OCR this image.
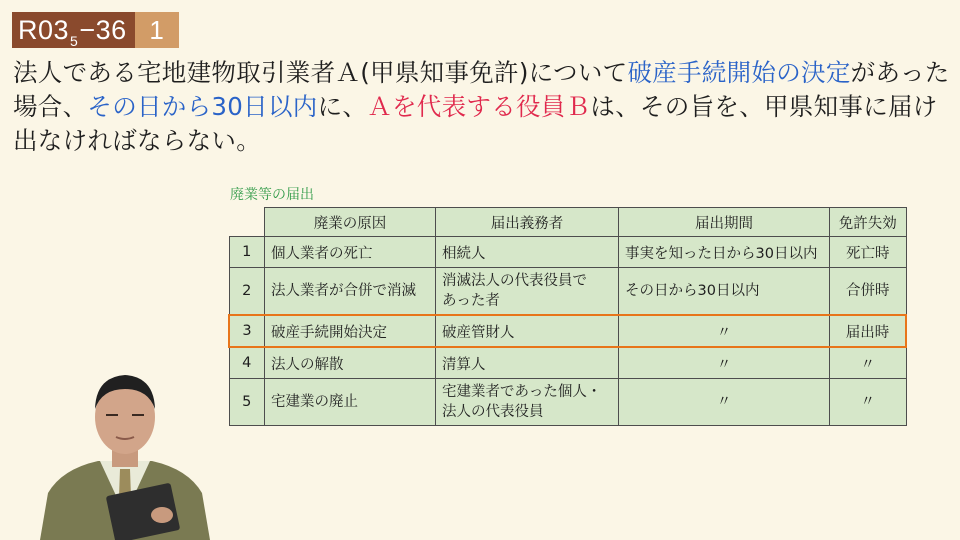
R03 5 −36 1

法人である宅地建物取引業者Ａ(甲県知事免許)について破産手続開始の決定があった場合、その日から30日以内に、Ａを代表する役員Ｂは、その旨を、甲県知事に届け出なければならない。

廃業等の届出
	廃業の原因	届出義務者	届出期間	免許失効
1	個人業者の死亡	相続人	事実を知った日から30日以内	死亡時
2	法人業者が合併で消滅	消滅法人の代表役員で
あった者	その日から30日以内	合併時
3	破産手続開始決定	破産管財人	〃	届出時
4	法人の解散	清算人	〃	〃
5	宅建業の廃止	宅建業者であった個人・
法人の代表役員	〃	〃
